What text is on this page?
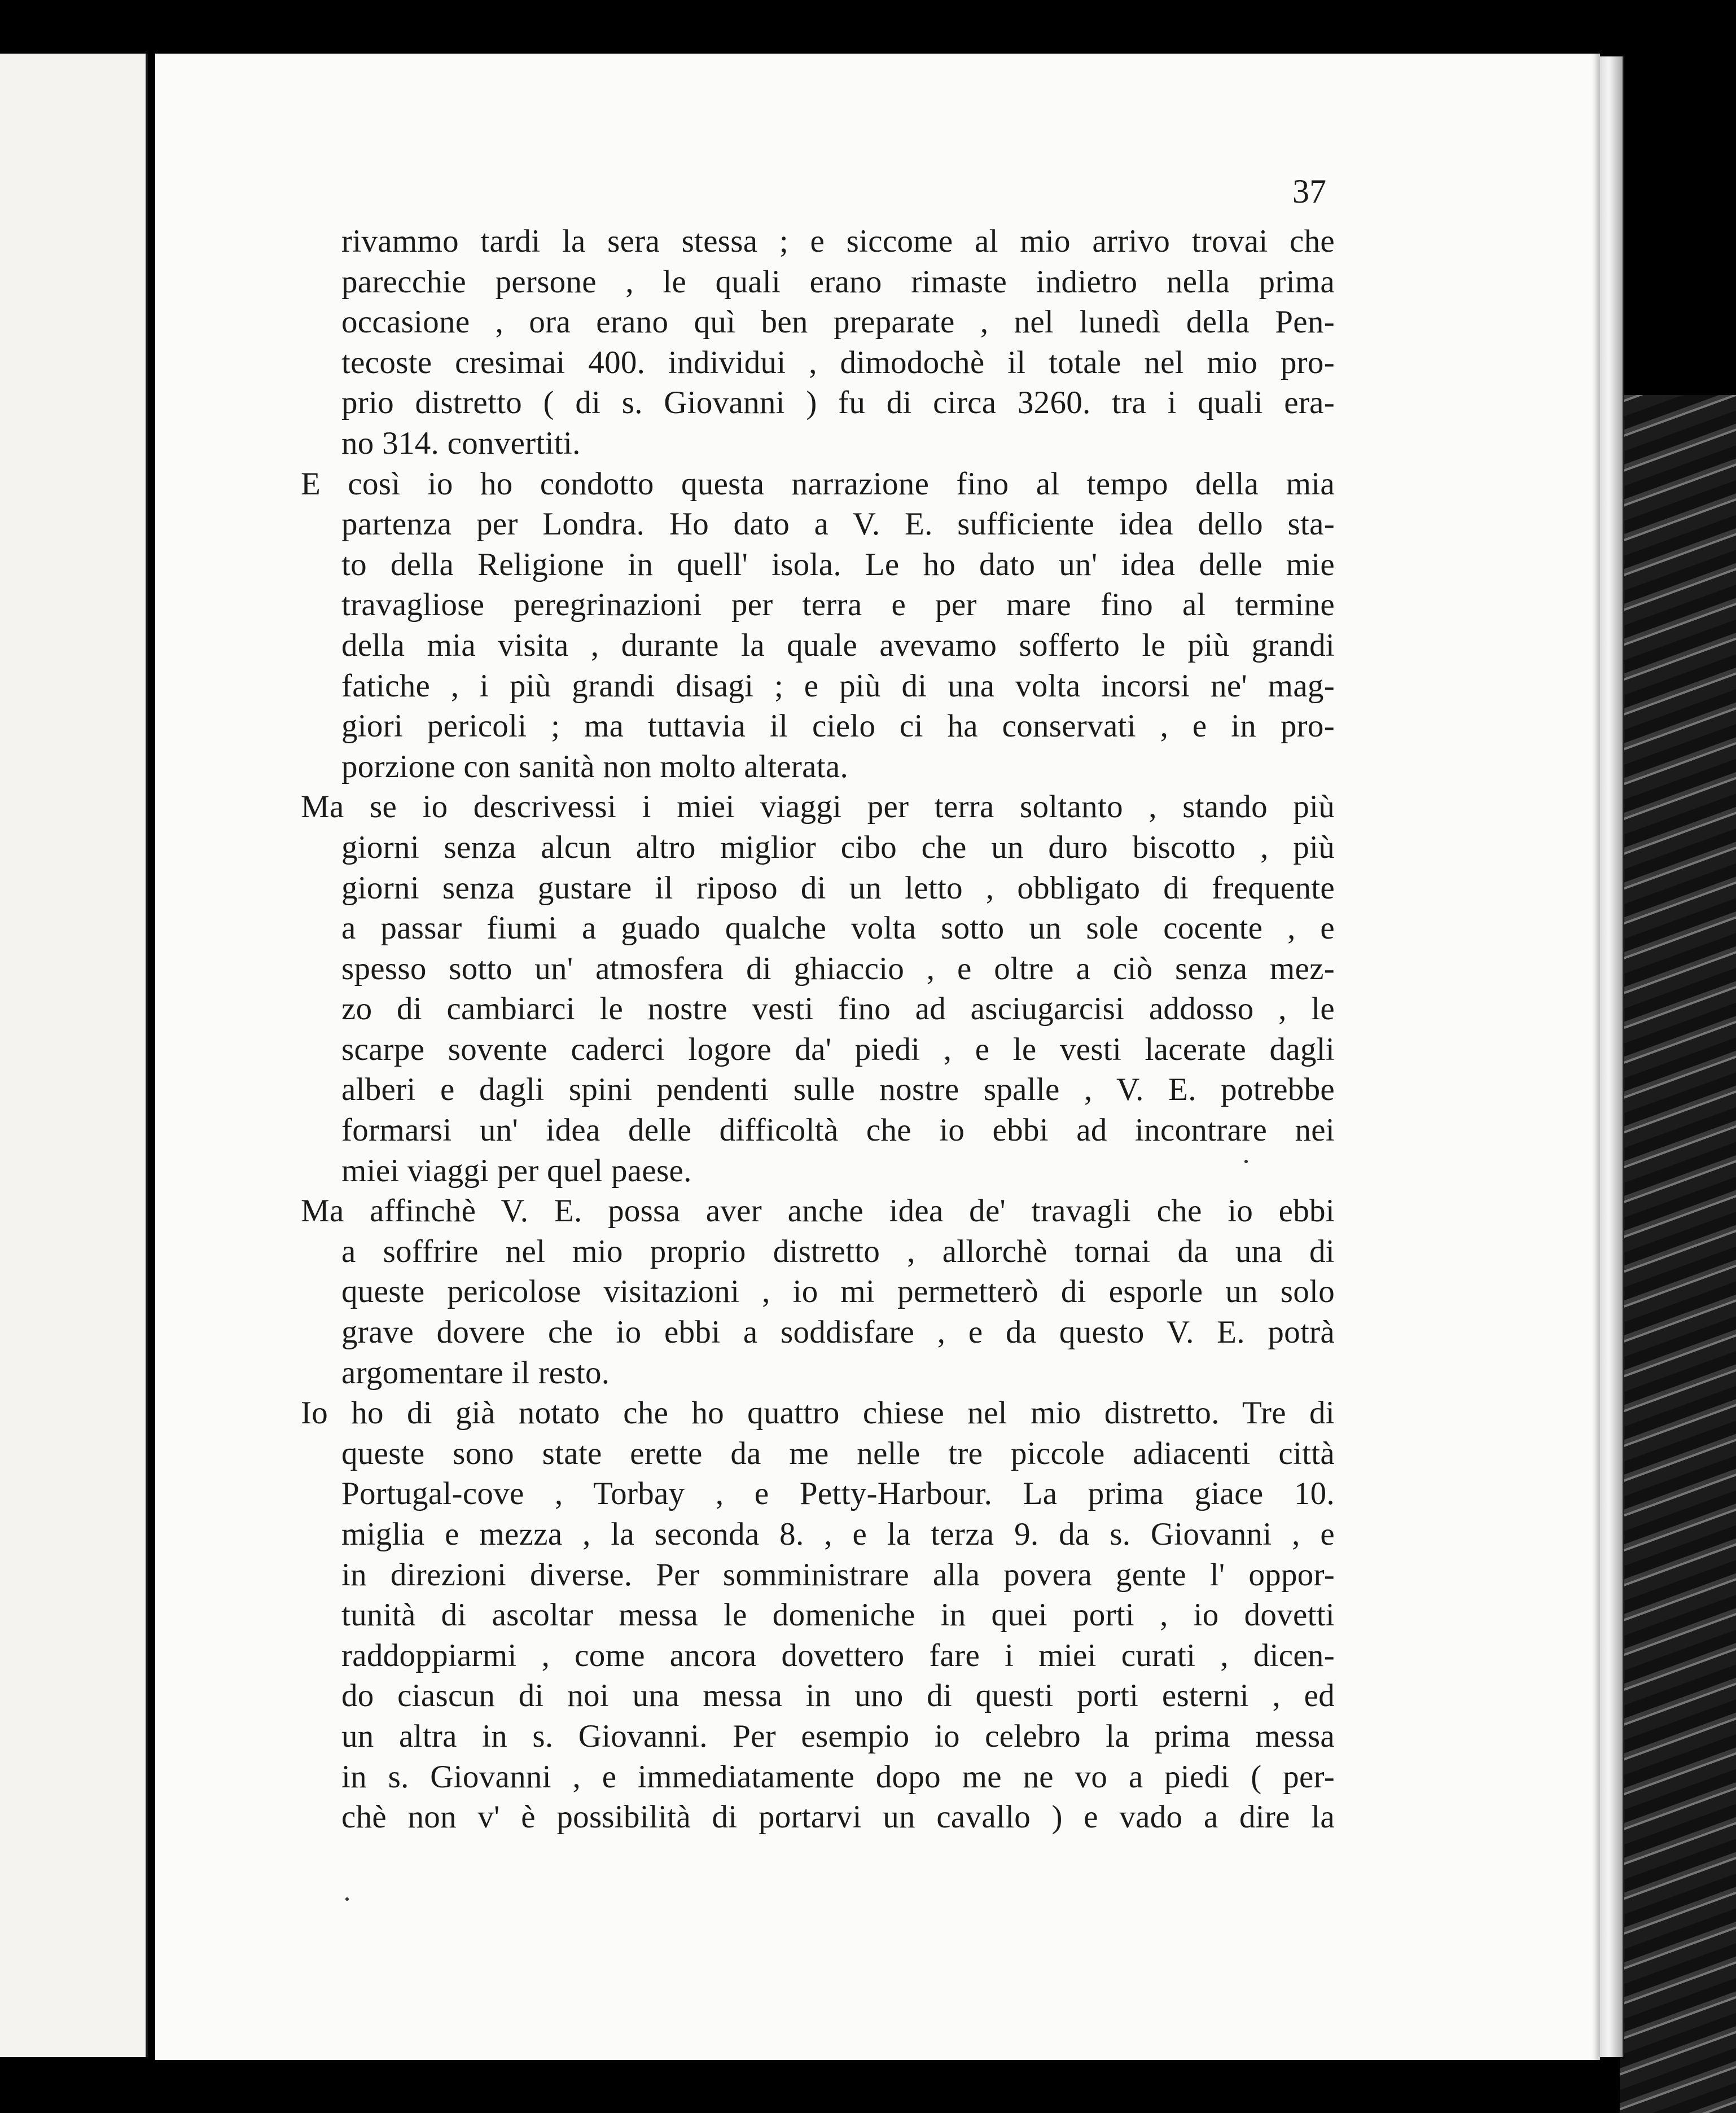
37

rivammo tardi la sera stessa ; e siccome al mio arrivo trovai che
parecchie persone , le quali erano rimaste indietro nella prima
occasione , ora erano quì ben preparate , nel lunedì della Pen-
tecoste cresimai 400. individui , dimodochè il totale nel mio pro-
prio distretto ( di s. Giovanni ) fu di circa 3260. tra i quali era-
no 314. convertiti.
E così io ho condotto questa narrazione fino al tempo della mia
partenza per Londra. Ho dato a V. E. sufficiente idea dello sta-
to della Religione in quell' isola. Le ho dato un' idea delle mie
travagliose peregrinazioni per terra e per mare fino al termine
della mia visita , durante la quale avevamo sofferto le più grandi
fatiche , i più grandi disagi ; e più di una volta incorsi ne' mag-
giori pericoli ; ma tuttavia il cielo ci ha conservati , e in pro-
porzione con sanità non molto alterata.
Ma se io descrivessi i miei viaggi per terra soltanto , stando più
giorni senza alcun altro miglior cibo che un duro biscotto , più
giorni senza gustare il riposo di un letto , obbligato di frequente
a passar fiumi a guado qualche volta sotto un sole cocente , e
spesso sotto un' atmosfera di ghiaccio , e oltre a ciò senza mez-
zo di cambiarci le nostre vesti fino ad asciugarcisi addosso , le
scarpe sovente caderci logore da' piedi , e le vesti lacerate dagli
alberi e dagli spini pendenti sulle nostre spalle , V. E. potrebbe
formarsi un' idea delle difficoltà che io ebbi ad incontrare nei
miei viaggi per quel paese.
Ma affinchè V. E. possa aver anche idea de' travagli che io ebbi
a soffrire nel mio proprio distretto , allorchè tornai da una di
queste pericolose visitazioni , io mi permetterò di esporle un solo
grave dovere che io ebbi a soddisfare , e da questo V. E. potrà
argomentare il resto.
Io ho di già notato che ho quattro chiese nel mio distretto. Tre di
queste sono state erette da me nelle tre piccole adiacenti città
Portugal-cove , Torbay , e Petty-Harbour. La prima giace 10.
miglia e mezza , la seconda 8. , e la terza 9. da s. Giovanni , e
in direzioni diverse. Per somministrare alla povera gente l' oppor-
tunità di ascoltar messa le domeniche in quei porti , io dovetti
raddoppiarmi , come ancora dovettero fare i miei curati , dicen-
do ciascun di noi una messa in uno di questi porti esterni , ed
un altra in s. Giovanni. Per esempio io celebro la prima messa
in s. Giovanni , e immediatamente dopo me ne vo a piedi ( per-
chè non v' è possibilità di portarvi un cavallo ) e vado a dire la
